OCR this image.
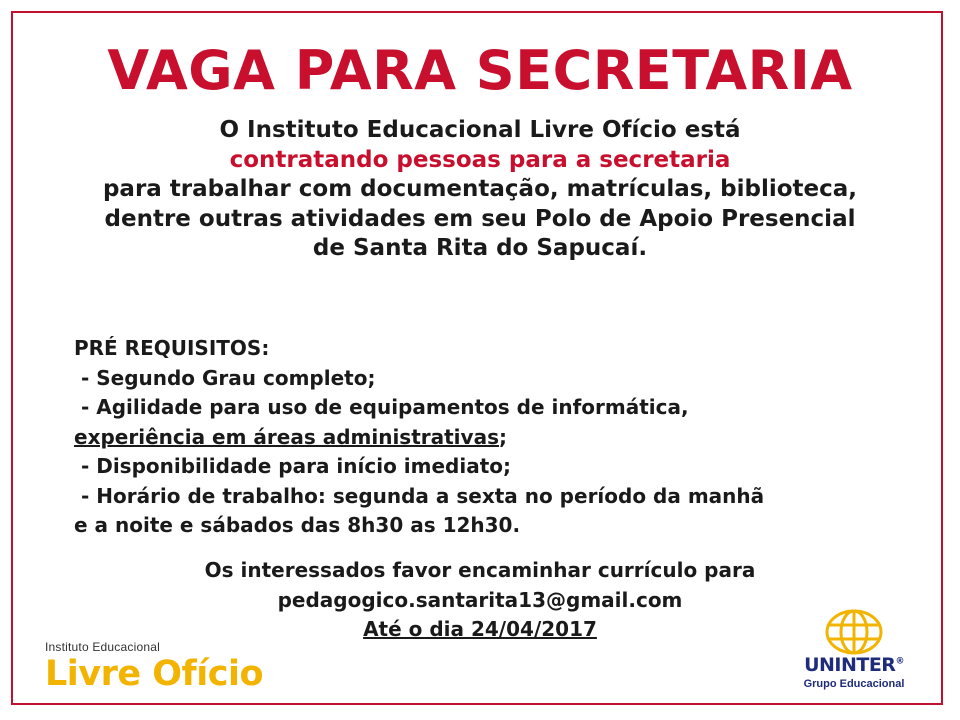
VAGA PARA SECRETARIA
O Instituto Educacional Livre Ofício está
contratando pessoas para a secretaria
para trabalhar com documentação, matrículas, biblioteca,
dentre outras atividades em seu Polo de Apoio Presencial
de Santa Rita do Sapucaí.
PRÉ REQUISITOS:
- Segundo Grau completo;
- Agilidade para uso de equipamentos de informática,
experiência em áreas administrativas;
- Disponibilidade para início imediato;
- Horário de trabalho: segunda a sexta no período da manhã
e a noite e sábados das 8h30 as 12h30.
Os interessados favor encaminhar currículo para
pedagogico.santarita13@gmail.com
Até o dia 24/04/2017
Instituto Educacional
Livre Ofício	UNINTER®
Grupo Educacional
